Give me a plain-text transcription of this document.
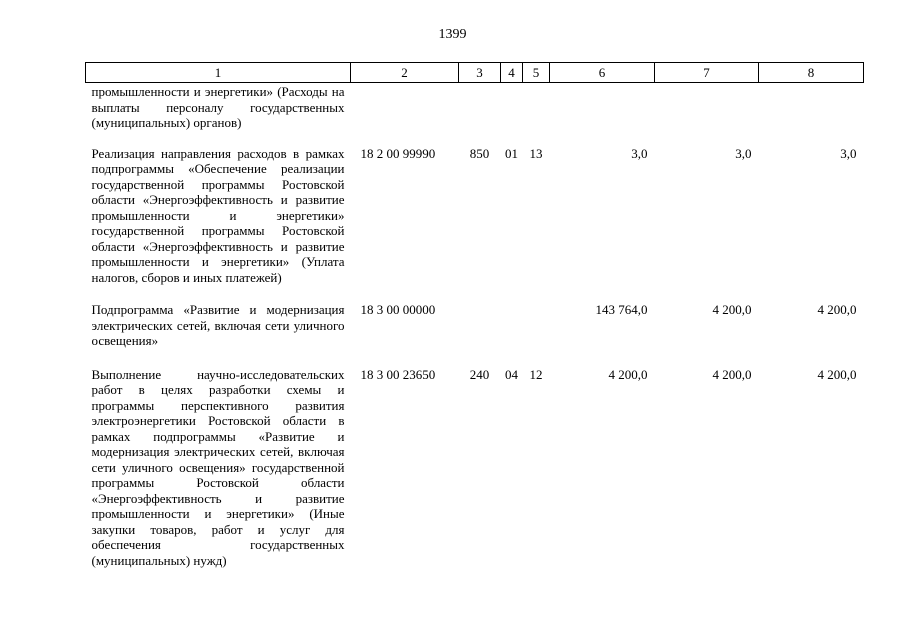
1399
1	2	3	4	5	6	7	8
промышленности и энергетики» (Расходы на выплаты персоналу государственных (муниципальных) органов)							
Реализация направления расходов в рамках подпрограммы «Обеспечение реализации государственной программы Ростовской области «Энергоэффективность и развитие промышленности и энергетики» государственной программы Ростовской области «Энергоэффективность и развитие промышленности и энергетики» (Уплата налогов, сборов и иных платежей)	18 2 00 99990	850	01	13	3,0	3,0	3,0
Подпрограмма «Развитие и модернизация электрических сетей, включая сети уличного освещения»	18 3 00 00000				143 764,0	4 200,0	4 200,0
Выполнение научно-исследовательских работ в целях разработки схемы и программы перспективного развития электроэнергетики Ростовской области в рамках подпрограммы «Развитие и модернизация электрических сетей, включая сети уличного освещения» государственной программы Ростовской области «Энергоэффективность и развитие промышленности и энергетики» (Иные закупки товаров, работ и услуг для обеспечения государственных (муниципальных) нужд)	18 3 00 23650	240	04	12	4 200,0	4 200,0	4 200,0
